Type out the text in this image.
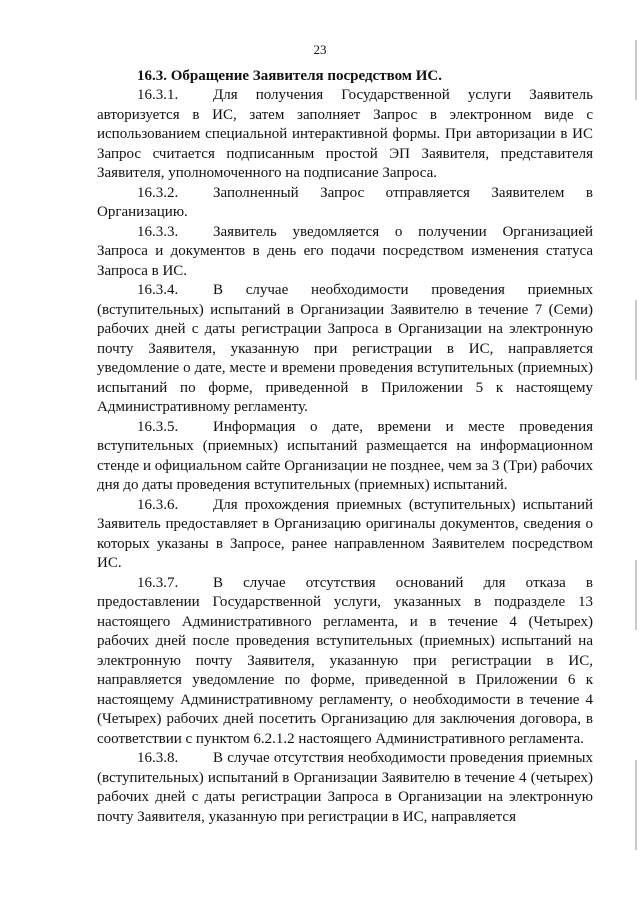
23

16.3. Обращение Заявителя посредством ИС.

16.3.1. Для получения Государственной услуги Заявитель авторизуется в ИС, затем заполняет Запрос в электронном виде с использованием специальной интерактивной формы. При авторизации в ИС Запрос считается подписанным простой ЭП Заявителя, представителя Заявителя, уполномоченного на подписание Запроса.

16.3.2. Заполненный Запрос отправляется Заявителем в Организацию.

16.3.3. Заявитель уведомляется о получении Организацией Запроса и документов в день его подачи посредством изменения статуса Запроса в ИС.

16.3.4. В случае необходимости проведения приемных (вступительных) испытаний в Организации Заявителю в течение 7 (Семи) рабочих дней с даты регистрации Запроса в Организации на электронную почту Заявителя, указанную при регистрации в ИС, направляется уведомление о дате, месте и времени проведения вступительных (приемных) испытаний по форме, приведенной в Приложении 5 к настоящему Административному регламенту.

16.3.5. Информация о дате, времени и месте проведения вступительных (приемных) испытаний размещается на информационном стенде и официальном сайте Организации не позднее, чем за 3 (Три) рабочих дня до даты проведения вступительных (приемных) испытаний.

16.3.6. Для прохождения приемных (вступительных) испытаний Заявитель предоставляет в Организацию оригиналы документов, сведения о которых указаны в Запросе, ранее направленном Заявителем посредством ИС.

16.3.7. В случае отсутствия оснований для отказа в предоставлении Государственной услуги, указанных в подразделе 13 настоящего Административного регламента, и в течение 4 (Четырех) рабочих дней после проведения вступительных (приемных) испытаний на электронную почту Заявителя, указанную при регистрации в ИС, направляется уведомление по форме, приведенной в Приложении 6 к настоящему Административному регламенту, о необходимости в течение 4 (Четырех) рабочих дней посетить Организацию для заключения договора, в соответствии с пунктом 6.2.1.2 настоящего Административного регламента.

16.3.8. В случае отсутствия необходимости проведения приемных (вступительных) испытаний в Организации Заявителю в течение 4 (четырех) рабочих дней с даты регистрации Запроса в Организации на электронную почту Заявителя, указанную при регистрации в ИС, направляется
